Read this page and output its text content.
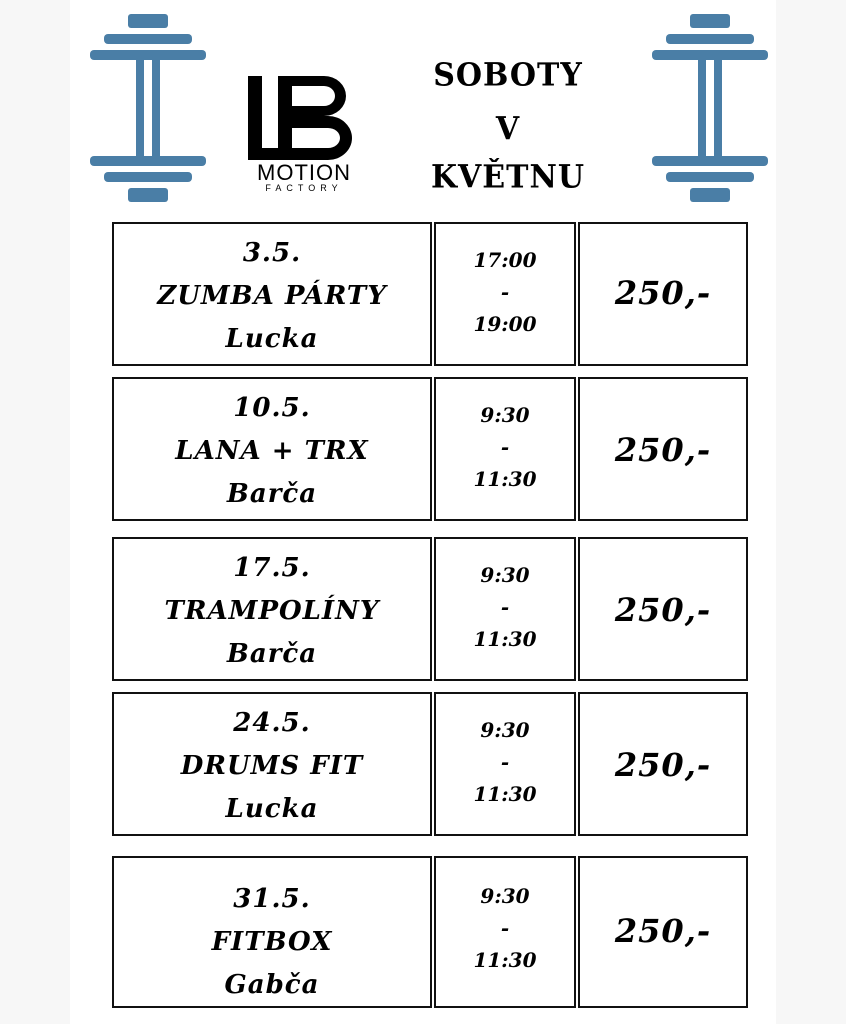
MOTION
FACTORY
SOBOTY
V
KVĚTNU
3.5.
ZUMBA PÁRTY
Lucka
17:00
-
19:00
250,-
10.5.
LANA + TRX
Barča
9:30
-
11:30
250,-
17.5.
TRAMPOLÍNY
Barča
9:30
-
11:30
250,-
24.5.
DRUMS FIT
Lucka
9:30
-
11:30
250,-
31.5.
FITBOX
Gabča
9:30
-
11:30
250,-
